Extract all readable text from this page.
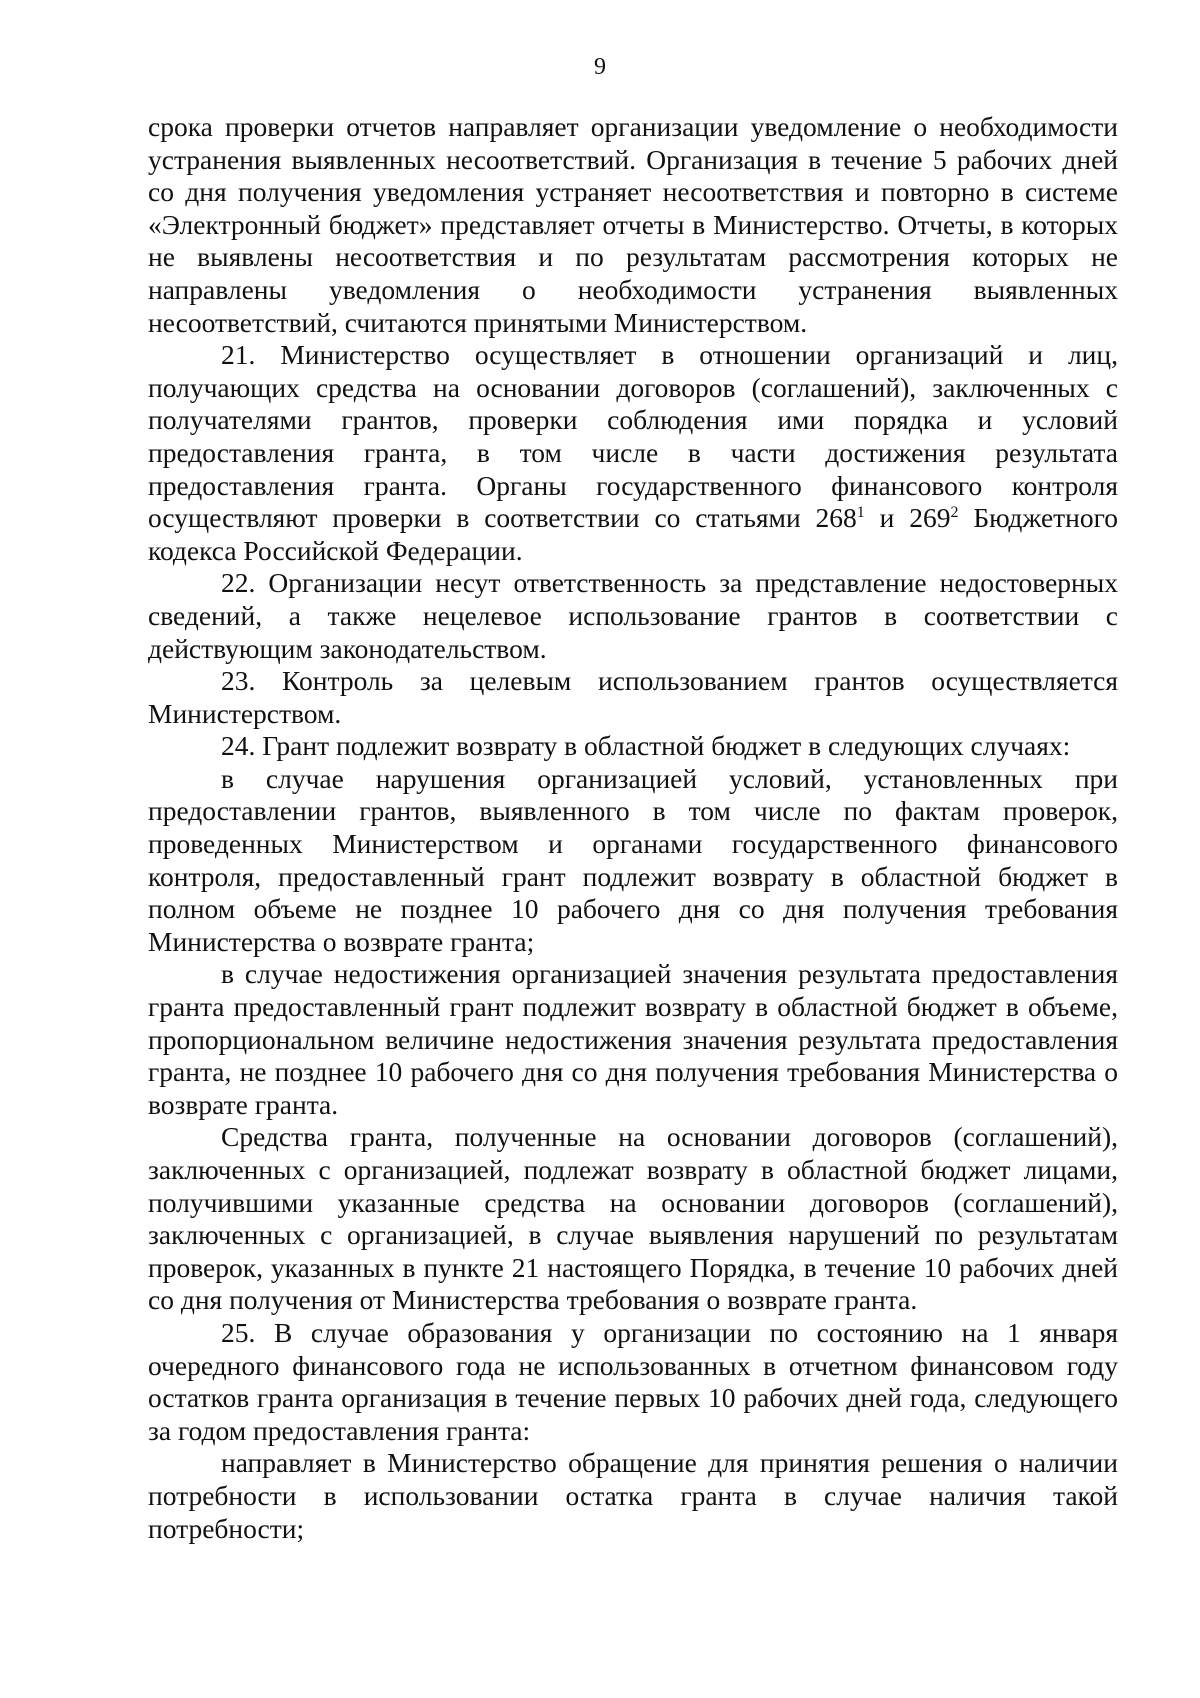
9

срока проверки отчетов направляет организации уведомление о необходимости устранения выявленных несоответствий. Организация в течение 5 рабочих дней со дня получения уведомления устраняет несоответствия и повторно в системе «Электронный бюджет» представляет отчеты в Министерство. Отчеты, в которых не выявлены несоответствия и по результатам рассмотрения которых не направлены уведомления о необходимости устранения выявленных несоответствий, считаются принятыми Министерством.

21. Министерство осуществляет в отношении организаций и лиц, получающих средства на основании договоров (соглашений), заключенных с получателями грантов, проверки соблюдения ими порядка и условий предоставления гранта, в том числе в части достижения результата предоставления гранта. Органы государственного финансового контроля осуществляют проверки в соответствии со статьями $268^1$ и $269^2$ Бюджетного кодекса Российской Федерации.

22. Организации несут ответственность за представление недостоверных сведений, а также нецелевое использование грантов в соответствии с действующим законодательством.

23. Контроль за целевым использованием грантов осуществляется Министерством.

24. Грант подлежит возврату в областной бюджет в следующих случаях:

в случае нарушения организацией условий, установленных при предоставлении грантов, выявленного в том числе по фактам проверок, проведенных Министерством и органами государственного финансового контроля, предоставленный грант подлежит возврату в областной бюджет в полном объеме не позднее 10 рабочего дня со дня получения требования Министерства о возврате гранта;

в случае недостижения организацией значения результата предоставления гранта предоставленный грант подлежит возврату в областной бюджет в объеме, пропорциональном величине недостижения значения результата предоставления гранта, не позднее 10 рабочего дня со дня получения требования Министерства о возврате гранта.

Средства гранта, полученные на основании договоров (соглашений), заключенных с организацией, подлежат возврату в областной бюджет лицами, получившими указанные средства на основании договоров (соглашений), заключенных с организацией, в случае выявления нарушений по результатам проверок, указанных в пункте 21 настоящего Порядка, в течение 10 рабочих дней со дня получения от Министерства требования о возврате гранта.

25. В случае образования у организации по состоянию на 1 января очередного финансового года не использованных в отчетном финансовом году остатков гранта организация в течение первых 10 рабочих дней года, следующего за годом предоставления гранта:

направляет в Министерство обращение для принятия решения о наличии потребности в использовании остатка гранта в случае наличия такой потребности;
